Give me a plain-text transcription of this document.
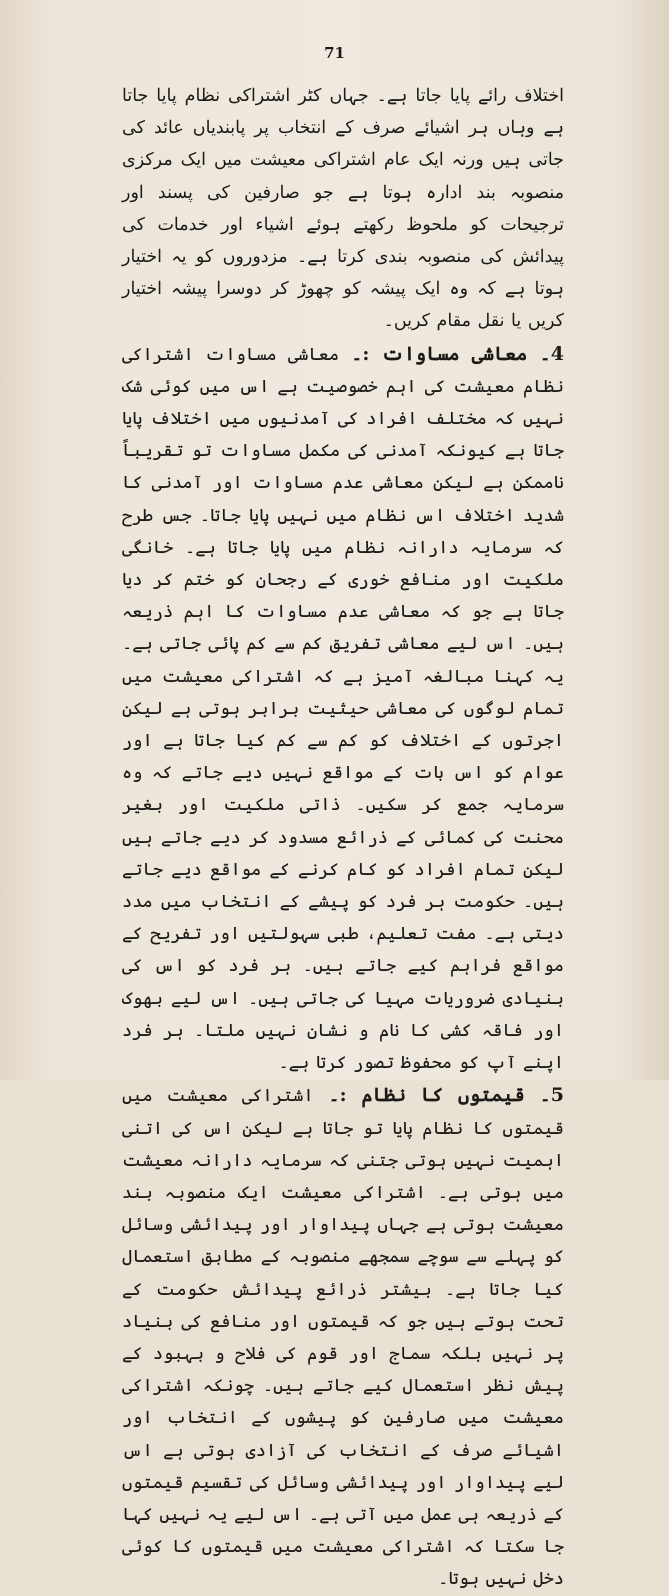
71

اختلاف رائے پایا جاتا ہے۔ جہاں کٹر اشتراکی نظام پایا جاتا ہے وہاں ہر اشیائے صرف کے انتخاب پر پابندیاں عائد کی جاتی ہیں ورنہ ایک عام اشتراکی معیشت میں ایک مرکزی منصوبہ بند ادارہ ہوتا ہے جو صارفین کی پسند اور ترجیحات کو ملحوظ رکھتے ہوئے اشیاء اور خدمات کی پیدائش کی منصوبہ بندی کرتا ہے۔ مزدوروں کو یہ اختیار ہوتا ہے کہ وہ ایک پیشہ کو چھوڑ کر دوسرا پیشہ اختیار کریں یا نقل مقام کریں۔

4۔ معاشی مساوات :۔ معاشی مساوات اشتراکی نظام معیشت کی اہم خصوصیت ہے اس میں کوئی شک نہیں کہ مختلف افراد کی آمدنیوں میں اختلاف پایا جاتا ہے کیونکہ آمدنی کی مکمل مساوات تو تقریباً ناممکن ہے لیکن معاشی عدم مساوات اور آمدنی کا شدید اختلاف اس نظام میں نہیں پایا جاتا۔ جس طرح کہ سرمایہ دارانہ نظام میں پایا جاتا ہے۔ خانگی ملکیت اور منافع خوری کے رجحان کو ختم کر دیا جاتا ہے جو کہ معاشی عدم مساوات کا اہم ذریعہ ہیں۔ اس لیے معاشی تفریق کم سے کم پائی جاتی ہے۔ یہ کہنا مبالغہ آمیز ہے کہ اشتراکی معیشت میں تمام لوگوں کی معاشی حیثیت برابر ہوتی ہے لیکن اجرتوں کے اختلاف کو کم سے کم کیا جاتا ہے اور عوام کو اس بات کے مواقع نہیں دیے جاتے کہ وہ سرمایہ جمع کر سکیں۔ ذاتی ملکیت اور بغیر محنت کی کمائی کے ذرائع مسدود کر دیے جاتے ہیں لیکن تمام افراد کو کام کرنے کے مواقع دیے جاتے ہیں۔ حکومت ہر فرد کو پیشے کے انتخاب میں مدد دیتی ہے۔ مفت تعلیم، طبی سہولتیں اور تفریح کے مواقع فراہم کیے جاتے ہیں۔ ہر فرد کو اس کی بنیادی ضروریات مہیا کی جاتی ہیں۔ اس لیے بھوک اور فاقہ کشی کا نام و نشان نہیں ملتا۔ ہر فرد اپنے آپ کو محفوظ تصور کرتا ہے۔

5۔ قیمتوں کا نظام :۔ اشتراکی معیشت میں قیمتوں کا نظام پایا تو جاتا ہے لیکن اس کی اتنی اہمیت نہیں ہوتی جتنی کہ سرمایہ دارانہ معیشت میں ہوتی ہے۔ اشتراکی معیشت ایک منصوبہ بند معیشت ہوتی ہے جہاں پیداوار اور پیدائشی وسائل کو پہلے سے سوچے سمجھے منصوبہ کے مطابق استعمال کیا جاتا ہے۔ بیشتر ذرائع پیدائش حکومت کے تحت ہوتے ہیں جو کہ قیمتوں اور منافع کی بنیاد پر نہیں بلکہ سماج اور قوم کی فلاح و بہبود کے پیش نظر استعمال کیے جاتے ہیں۔ چونکہ اشتراکی معیشت میں صارفین کو پیشوں کے انتخاب اور اشیائے صرف کے انتخاب کی آزادی ہوتی ہے اس لیے پیداوار اور پیدائشی وسائل کی تقسیم قیمتوں کے ذریعہ ہی عمل میں آتی ہے۔ اس لیے یہ نہیں کہا جا سکتا کہ اشتراکی معیشت میں قیمتوں کا کوئی دخل نہیں ہوتا۔
